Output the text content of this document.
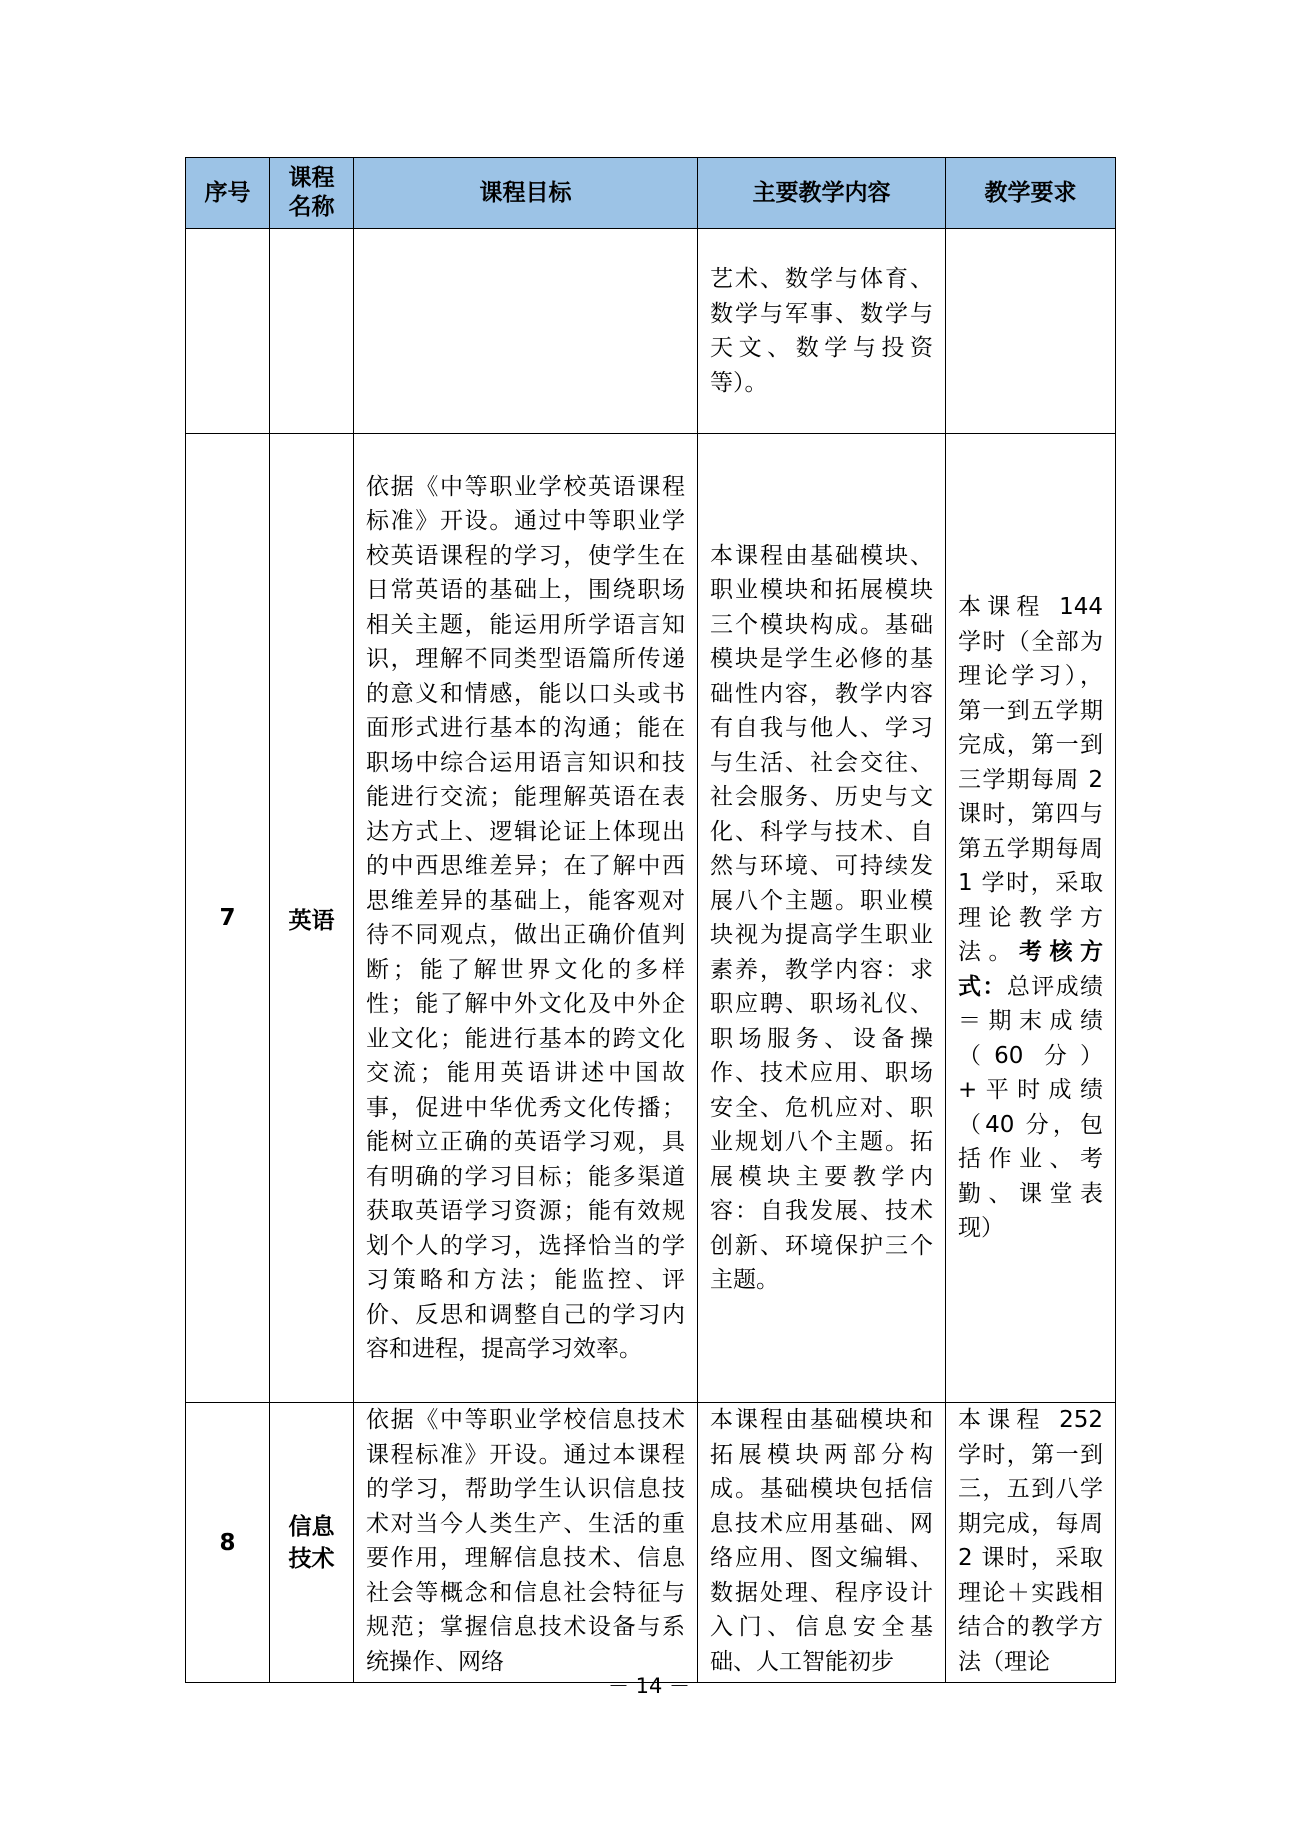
序号	课程名称	课程目标	主要教学内容	教学要求
			艺术、数学与体育、数学与军事、数学与天文、数学与投资等）。	
7	英语	依据《中等职业学校英语课程标准》开设。通过中等职业学校英语课程的学习，使学生在日常英语的基础上，围绕职场相关主题，能运用所学语言知识，理解不同类型语篇所传递的意义和情感，能以口头或书面形式进行基本的沟通；能在职场中综合运用语言知识和技能进行交流；能理解英语在表达方式上、逻辑论证上体现出的中西思维差异；在了解中西思维差异的基础上，能客观对待不同观点，做出正确价值判断；能了解世界文化的多样性；能了解中外文化及中外企业文化；能进行基本的跨文化交流；能用英语讲述中国故事，促进中华优秀文化传播；能树立正确的英语学习观，具有明确的学习目标；能多渠道获取英语学习资源；能有效规划个人的学习，选择恰当的学习策略和方法；能监控、评价、反思和调整自己的学习内容和进程，提高学习效率。	本课程由基础模块、职业模块和拓展模块三个模块构成。基础模块是学生必修的基础性内容，教学内容有自我与他人、学习与生活、社会交往、社会服务、历史与文化、科学与技术、自然与环境、可持续发展八个主题。职业模块视为提高学生职业素养，教学内容：求职应聘、职场礼仪、职场服务、设备操作、技术应用、职场安全、危机应对、职业规划八个主题。拓展模块主要教学内容：自我发展、技术创新、环境保护三个主题。	本课程 144 学时（全部为理论学习），第一到五学期完成，第一到三学期每周 2 课时，第四与第五学期每周 1 学时，采取理论教学方法。考核方式：总评成绩＝期末成绩（60 分）+平时成绩（40 分，包括作业、考勤、课堂表现）
8	信息技术	依据《中等职业学校信息技术课程标准》开设。通过本课程的学习，帮助学生认识信息技术对当今人类生产、生活的重要作用，理解信息技术、信息社会等概念和信息社会特征与规范；掌握信息技术设备与系统操作、网络	本课程由基础模块和拓展模块两部分构成。基础模块包括信息技术应用基础、网络应用、图文编辑、数据处理、程序设计入门、信息安全基础、人工智能初步	本课程 252 学时，第一到三，五到八学期完成，每周 2 课时，采取理论＋实践相结合的教学方法（理论
－ 14 －
